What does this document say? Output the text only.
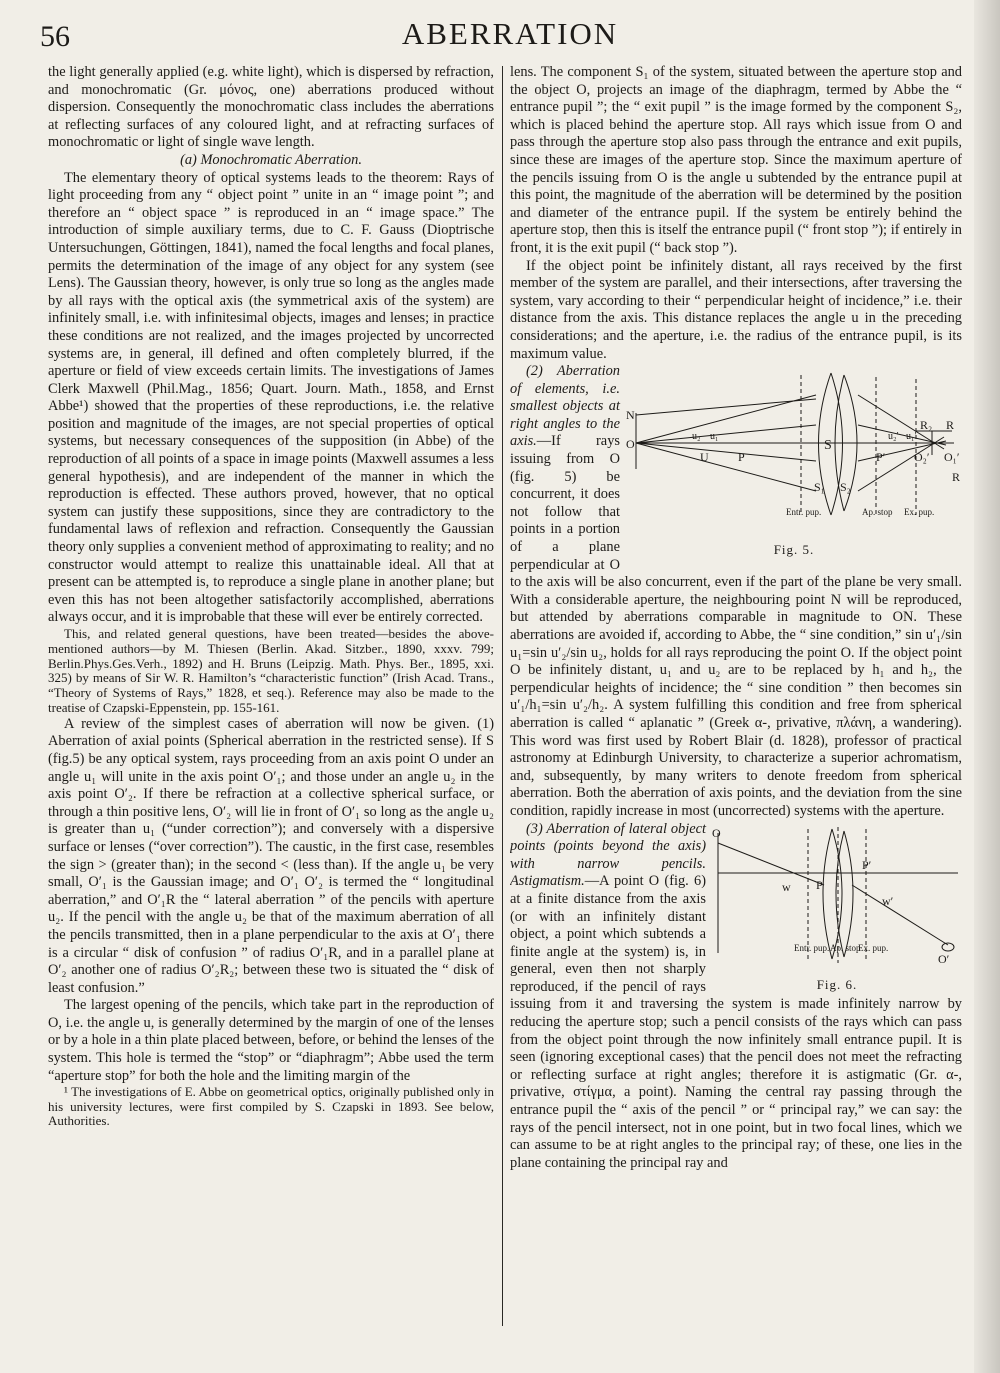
56	ABERRATION

the light generally applied (e.g. white light), which is dispersed by refraction, and monochromatic (Gr. μόνος, one) aberrations produced without dispersion. Consequently the monochromatic class includes the aberrations at reflecting surfaces of any coloured light, and at refracting surfaces of monochromatic or light of single wave length.

(a) Monochromatic Aberration.

The elementary theory of optical systems leads to the theorem: Rays of light proceeding from any “ object point ” unite in an “ image point ”; and therefore an “ object space ” is reproduced in an “ image space.” The introduction of simple auxiliary terms, due to C. F. Gauss (Dioptrische Untersuchungen, Göttingen, 1841), named the focal lengths and focal planes, permits the determination of the image of any object for any system (see Lens). The Gaussian theory, however, is only true so long as the angles made by all rays with the optical axis (the symmetrical axis of the system) are infinitely small, i.e. with infinitesimal objects, images and lenses; in practice these conditions are not realized, and the images projected by uncorrected systems are, in general, ill defined and often completely blurred, if the aperture or field of view exceeds certain limits. The investigations of James Clerk Maxwell (Phil.Mag., 1856; Quart. Journ. Math., 1858, and Ernst Abbe¹) showed that the properties of these reproductions, i.e. the relative position and magnitude of the images, are not special properties of optical systems, but necessary consequences of the supposition (in Abbe) of the reproduction of all points of a space in image points (Maxwell assumes a less general hypothesis), and are independent of the manner in which the reproduction is effected. These authors proved, however, that no optical system can justify these suppositions, since they are contradictory to the fundamental laws of reflexion and refraction. Consequently the Gaussian theory only supplies a convenient method of approximating to reality; and no constructor would attempt to realize this unattainable ideal. All that at present can be attempted is, to reproduce a single plane in another plane; but even this has not been altogether satisfactorily accomplished, aberrations always occur, and it is improbable that these will ever be entirely corrected.

This, and related general questions, have been treated—besides the above-mentioned authors—by M. Thiesen (Berlin. Akad. Sitzber., 1890, xxxv. 799; Berlin.Phys.Ges.Verh., 1892) and H. Bruns (Leipzig. Math. Phys. Ber., 1895, xxi. 325) by means of Sir W. R. Hamilton’s “characteristic function” (Irish Acad. Trans., “Theory of Systems of Rays,” 1828, et seq.). Reference may also be made to the treatise of Czapski-Eppenstein, pp. 155-161.

A review of the simplest cases of aberration will now be given. (1) Aberration of axial points (Spherical aberration in the restricted sense). If S (fig.5) be any optical system, rays proceeding from an axis point O under an angle u₁ will unite in the axis point O′₁; and those under an angle u₂ in the axis point O′₂. If there be refraction at a collective spherical surface, or through a thin positive lens, O′₂ will lie in front of O′₁ so long as the angle u₂ is greater than u₁ (“under correction”); and conversely with a dispersive surface or lenses (“over correction”). The caustic, in the first case, resembles the sign > (greater than); in the second < (less than). If the angle u₁ be very small, O′₁ is the Gaussian image; and O′₁ O′₂ is termed the “ longitudinal aberration,” and O′₁R the “ lateral aberration ” of the pencils with aperture u₂. If the pencil with the angle u₂ be that of the maximum aberration of all the pencils transmitted, then in a plane perpendicular to the axis at O′₁ there is a circular “ disk of confusion ” of radius O′₁R, and in a parallel plane at O′₂ another one of radius O′₂R₂; between these two is situated the “ disk of least confusion.”

The largest opening of the pencils, which take part in the reproduction of O, i.e. the angle u, is generally determined by the margin of one of the lenses or by a hole in a thin plate placed between, before, or behind the lenses of the system. This hole is termed the “stop” or “diaphragm”; Abbe used the term “aperture stop” for both the hole and the limiting margin of the

¹ The investigations of E. Abbe on geometrical optics, originally published only in his university lectures, were first compiled by S. Czapski in 1893. See below, Authorities.

lens. The component S₁ of the system, situated between the aperture stop and the object O, projects an image of the diaphragm, termed by Abbe the “ entrance pupil ”; the “ exit pupil ” is the image formed by the component S₂, which is placed behind the aperture stop. All rays which issue from O and pass through the aperture stop also pass through the entrance and exit pupils, since these are images of the aperture stop. Since the maximum aperture of the pencils issuing from O is the angle u subtended by the entrance pupil at this point, the magnitude of the aberration will be determined by the position and diameter of the entrance pupil. If the system be entirely behind the aperture stop, then this is itself the entrance pupil (“ front stop ”); if entirely in front, it is the exit pupil (“ back stop ”).

If the object point be infinitely distant, all rays received by the first member of the system are parallel, and their intersections, after traversing the system, vary according to their “ perpendicular height of incidence,” i.e. their distance from the axis. This distance replaces the angle u in the preceding considerations; and the aperture, i.e. the radius of the entrance pupil, is its maximum value.

N
O
U P
S
S₁ S₂
P′ O₂′ O₁′
R
R₂
R
u₂ u₁	u₂′ u₁′
Entr. pup.	Ap. stop Ex. pup.
Fig. 5.

(2) Aberration of elements, i.e. smallest objects at right angles to the axis.—If rays issuing from O (fig. 5) be concurrent, it does not follow that points in a portion of a plane perpendicular at O to the axis will be also concurrent, even if the part of the plane be very small. With a considerable aperture, the neighbouring point N will be reproduced, but attended by aberrations comparable in magnitude to ON. These aberrations are avoided if, according to Abbe, the “ sine condition,” sin u′₁/sin u₁=sin u′₂/sin u₂, holds for all rays reproducing the point O. If the object point O be infinitely distant, u₁ and u₂ are to be replaced by h₁ and h₂, the perpendicular heights of incidence; the “ sine condition ” then becomes sin u′₁/h₁=sin u′₂/h₂. A system fulfilling this condition and free from spherical aberration is called “ aplanatic ” (Greek α-, privative, πλάνη, a wandering). This word was first used by Robert Blair (d. 1828), professor of practical astronomy at Edinburgh University, to characterize a superior achromatism, and, subsequently, by many writers to denote freedom from spherical aberration. Both the aberration of axis points, and the deviation from the sine condition, rapidly increase in most (uncorrected) systems with the aperture.

O
w P
P′
w′
O′
Entr. pup. Ap. stop
Ex. pup.
Fig. 6.

(3) Aberration of lateral object points (points beyond the axis) with narrow pencils. Astigmatism.—A point O (fig. 6) at a finite distance from the axis (or with an infinitely distant object, a point which subtends a finite angle at the system) is, in general, even then not sharply reproduced, if the pencil of rays issuing from it and traversing the system is made infinitely narrow by reducing the aperture stop; such a pencil consists of the rays which can pass from the object point through the now infinitely small entrance pupil. It is seen (ignoring exceptional cases) that the pencil does not meet the refracting or reflecting surface at right angles; therefore it is astigmatic (Gr. α-, privative, στίγμα, a point). Naming the central ray passing through the entrance pupil the “ axis of the pencil ” or “ principal ray,” we can say: the rays of the pencil intersect, not in one point, but in two focal lines, which we can assume to be at right angles to the principal ray; of these, one lies in the plane containing the principal ray and
